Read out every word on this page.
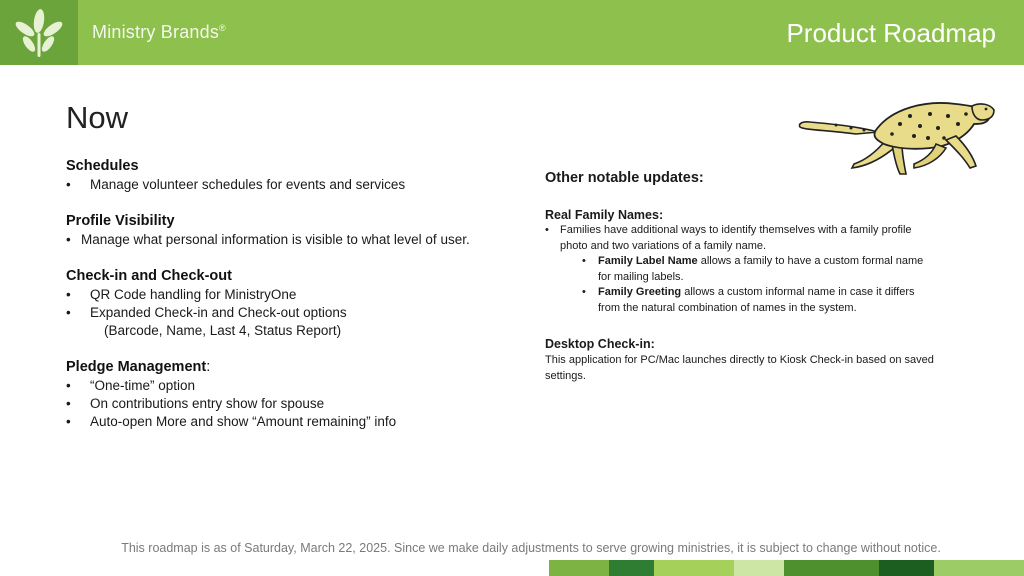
Ministry Brands®	Product Roadmap
Now
Schedules
•	Manage volunteer schedules for events and services
Profile Visibility
• Manage what personal information is visible to what level of user.
Check-in and Check-out
•	QR Code handling for MinistryOne
•	Expanded Check-in and Check-out options
(Barcode, Name, Last 4, Status Report)
Pledge Management:
•	“One-time” option
•	On contributions entry show for spouse
•	Auto-open More and show “Amount remaining” info
Other notable updates:
Real Family Names:
•	Families have additional ways to identify themselves with a family profile photo and two variations of a family name.
•	Family Label Name allows a family to have a custom formal name for mailing labels.
•	Family Greeting allows a custom informal name in case it differs from the natural combination of names in the system.
Desktop Check-in:
This application for PC/Mac launches directly to Kiosk Check-in based on saved settings.
This roadmap is as of Saturday, March 22, 2025. Since we make daily adjustments to serve growing ministries, it is subject to change without notice.
